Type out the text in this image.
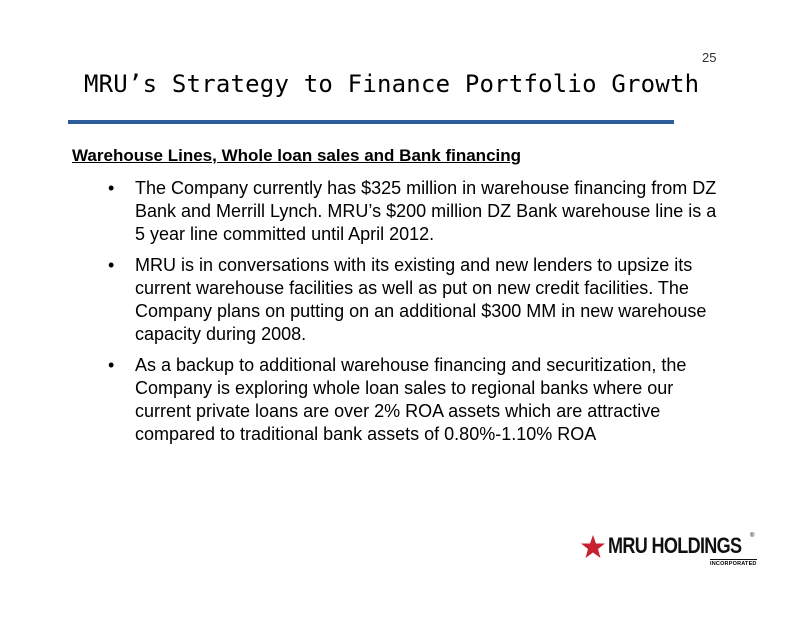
25
MRU’s Strategy to Finance Portfolio Growth
Warehouse Lines, Whole loan sales and Bank financing
•	The Company currently has $325 million in warehouse financing from DZ Bank and Merrill Lynch. MRU’s $200 million DZ Bank warehouse line is a 5 year line committed until April 2012.
•	MRU is in conversations with its existing and new lenders to upsize its current warehouse facilities as well as put on new credit facilities. The Company plans on putting on an additional $300 MM in new warehouse capacity during 2008.
•	As a backup to additional warehouse financing and securitization, the Company is exploring whole loan sales to regional banks where our current private loans are over 2% ROA assets which are attractive compared to traditional bank assets of 0.80%-1.10% ROA
MRU HOLDINGS ®
INCORPORATED
